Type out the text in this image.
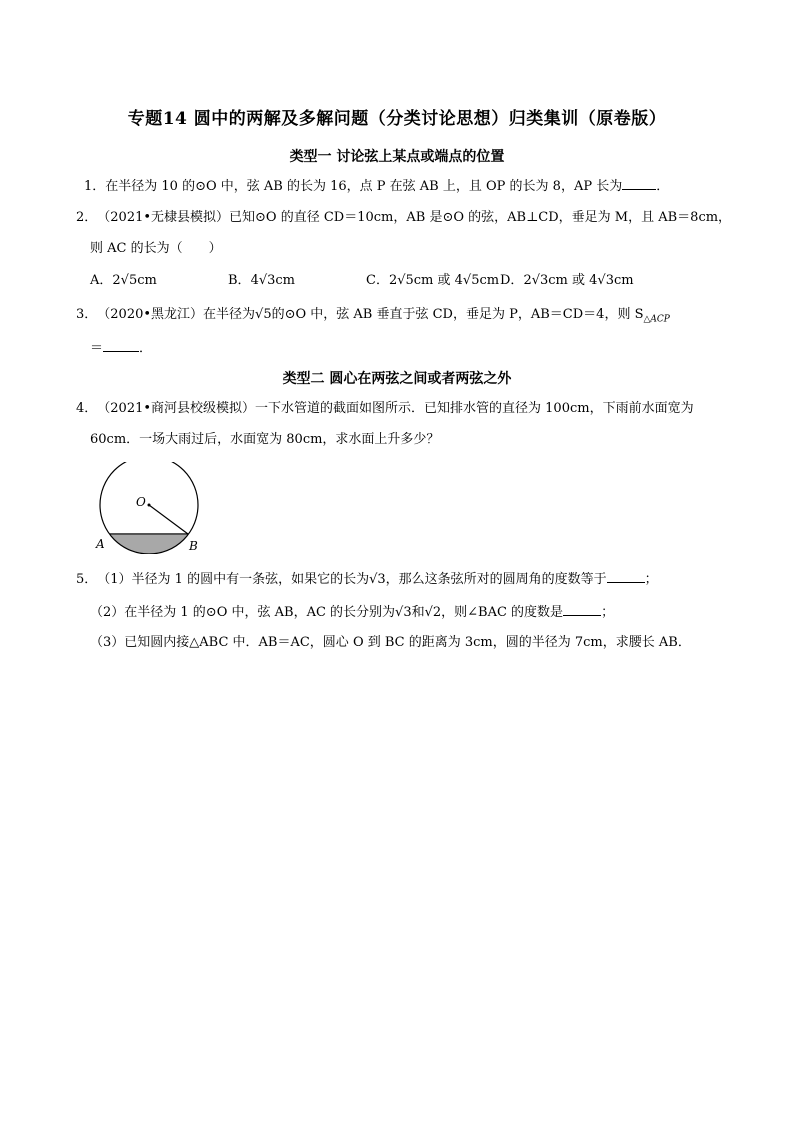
专题14 圆中的两解及多解问题（分类讨论思想）归类集训（原卷版）
类型一 讨论弦上某点或端点的位置
1．在半径为 10 的⊙O 中，弦 AB 的长为 16，点 P 在弦 AB 上，且 OP 的长为 8，AP 长为	．
2．（2021•无棣县模拟）已知⊙O 的直径 CD＝10cm，AB 是⊙O 的弦，AB⊥CD，垂足为 M，且 AB＝8cm，
则 AC 的长为（　　）
A．2√5cm	B．4√3cm	C．2√5cm 或 4√5cm D．2√3cm 或 4√3cm
3．（2020•黑龙江）在半径为√5的⊙O 中，弦 AB 垂直于弦 CD，垂足为 P，AB＝CD＝4，则 $S_{\triangle ACP}$
＝	．
类型二 圆心在两弦之间或者两弦之外
4．（2021•商河县校级模拟）一下水管道的截面如图所示．已知排水管的直径为 100cm，下雨前水面宽为
60cm．一场大雨过后，水面宽为 80cm，求水面上升多少？
O
A	B
5．（1）半径为 1 的圆中有一条弦，如果它的长为√3，那么这条弦所对的圆周角的度数等于	；
（2）在半径为 1 的⊙O 中，弦 AB，AC 的长分别为√3和√2，则∠BAC 的度数是	；
（3）已知圆内接△ABC 中．AB＝AC，圆心 O 到 BC 的距离为 3cm，圆的半径为 7cm，求腰长 AB．
